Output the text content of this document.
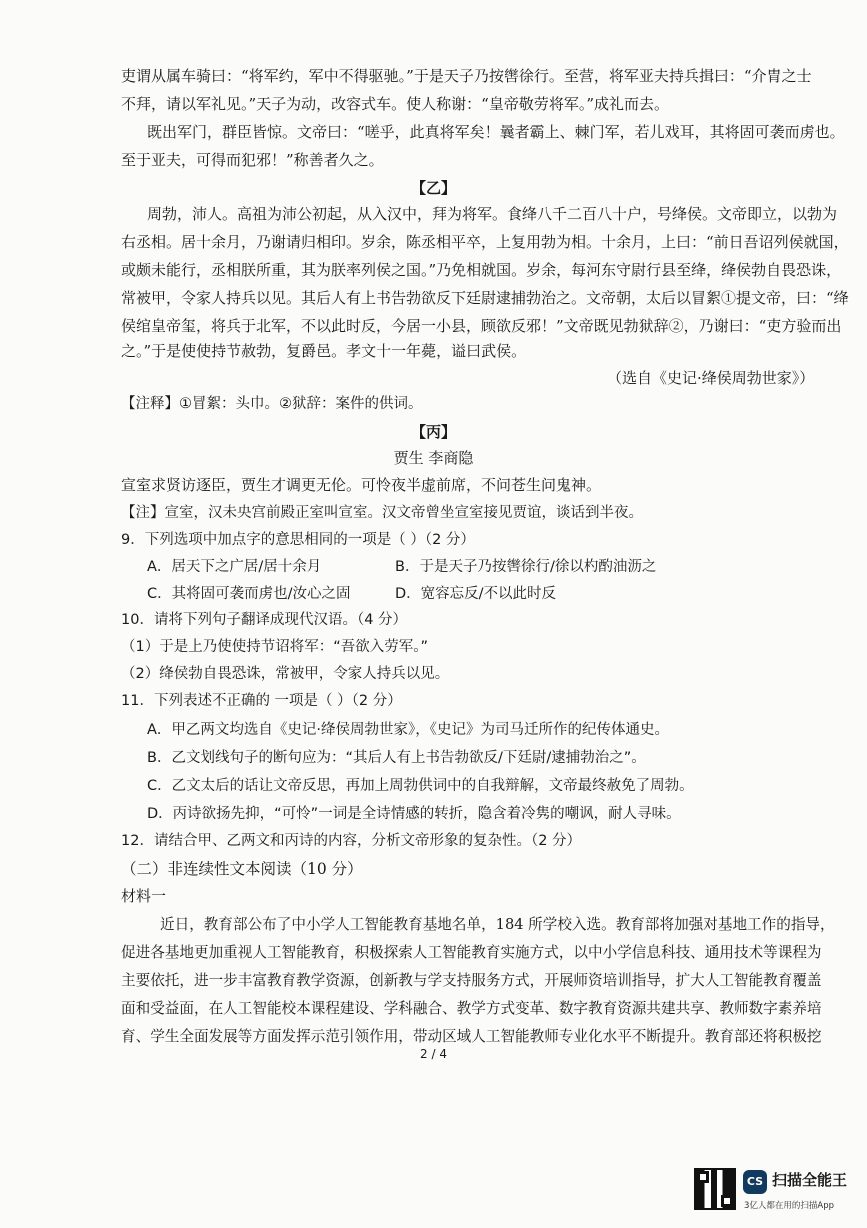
吏谓从属车骑曰：“将军约，军中不得驱驰。”于是天子乃按辔徐行。至营，将军亚夫持兵揖曰：“介胄之士
不拜，请以军礼见。”天子为动，改容式车。使人称谢：“皇帝敬劳将军。”成礼而去。
既出军门，群臣皆惊。文帝曰：“嗟乎，此真将军矣！曩者霸上、棘门军，若儿戏耳，其将固可袭而虏也。
至于亚夫，可得而犯邪！”称善者久之。
【乙】
周勃，沛人。高祖为沛公初起，从入汉中，拜为将军。食绛八千二百八十户，号绛侯。文帝即立，以勃为
右丞相。居十余月，乃谢请归相印。岁余，陈丞相平卒，上复用勃为相。十余月，上曰：“前日吾诏列侯就国，
或颇未能行，丞相朕所重，其为朕率列侯之国。”乃免相就国。岁余，每河东守尉行县至绛，绛侯勃自畏恐诛，
常被甲，令家人持兵以见。其后人有上书告勃欲反下廷尉逮捕勃治之。文帝朝，太后以冒絮①提文帝，曰：“绛
侯绾皇帝玺，将兵于北军，不以此时反，今居一小县，顾欲反邪！”文帝既见勃狱辞②，乃谢曰：“吏方验而出
之。”于是使使持节赦勃，复爵邑。孝文十一年薨，谥曰武侯。
（选自《史记·绛侯周勃世家》）
【注释】①冒絮：头巾。②狱辞：案件的供词。
【丙】
贾生 李商隐
宣室求贤访逐臣，贾生才调更无伦。可怜夜半虚前席，不问苍生问鬼神。
【注】宣室，汉未央宫前殿正室叫宣室。汉文帝曾坐宣室接见贾谊，谈话到半夜。
9．下列选项中加点字的意思相同的一项是（ ）（2 分）
A．居天下之广居/居十余月	B．于是天子乃按辔徐行/徐以杓酌油沥之
C．其将固可袭而虏也/汝心之固	D．宽容忘反/不以此时反
10．请将下列句子翻译成现代汉语。（4 分）
（1）于是上乃使使持节诏将军：“吾欲入劳军。”
（2）绛侯勃自畏恐诛，常被甲，令家人持兵以见。
11．下列表述不正确的 一项是（ ）（2 分）
A．甲乙两文均选自《史记·绛侯周勃世家》，《史记》为司马迁所作的纪传体通史。
B．乙文划线句子的断句应为：“其后人有上书告勃欲反/下廷尉/逮捕勃治之”。
C．乙文太后的话让文帝反思，再加上周勃供词中的自我辩解，文帝最终赦免了周勃。
D．丙诗欲扬先抑，“可怜”一词是全诗情感的转折，隐含着冷隽的嘲讽，耐人寻味。
12．请结合甲、乙两文和丙诗的内容，分析文帝形象的复杂性。（2 分）
（二）非连续性文本阅读（10 分）
材料一
近日，教育部公布了中小学人工智能教育基地名单，184 所学校入选。教育部将加强对基地工作的指导，
促进各基地更加重视人工智能教育，积极探索人工智能教育实施方式，以中小学信息科技、通用技术等课程为
主要依托，进一步丰富教育教学资源，创新教与学支持服务方式，开展师资培训指导，扩大人工智能教育覆盖
面和受益面，在人工智能校本课程建设、学科融合、教学方式变革、数字教育资源共建共享、教师数字素养培
育、学生全面发展等方面发挥示范引领作用，带动区域人工智能教师专业化水平不断提升。教育部还将积极挖
2 / 4
CS 扫描全能王
3亿人都在用的扫描App
